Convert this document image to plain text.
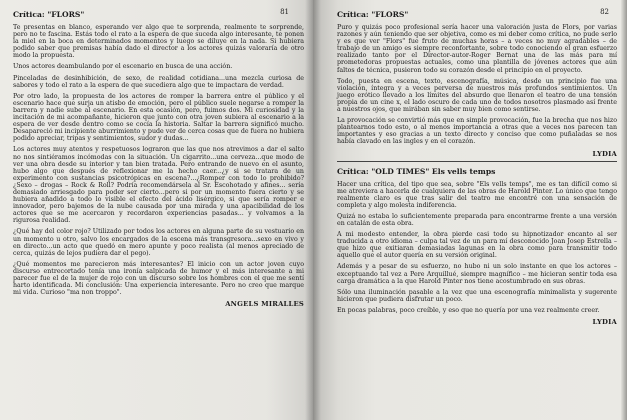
81
Crítica: "FLORS"

Te presentas en blanco, esperando ver algo que te sorprenda, realmente te sorprende, pero no te fascina. Estás todo el rato a la espera de que suceda algo interesante, te ponen la miel en la boca en determinados momentos y luego se diluye en la nada. Si hubiera podido saber que premisas había dado el director a los actores quizás valoraría de otro modo la propuesta.

Unos actores deambulando por el escenario en busca de una acción.

Pinceladas de desinhibición, de sexo, de realidad cotidiana...una mezcla curiosa de sabores y todo el rato a la espera de que sucediera algo que te impactara de verdad.

Por otro lado, la propuesta de los actores de romper la barrera entre el público y el escenario hace que surja un atisbo de emoción, pero el público suele negarse a romper la barrera y nadie sube al escenario. En esta ocasión, pero, fuimos dos. Mi curiosidad y la incitación de mi acompañante, hicieron que junto con otra joven subiera al escenario a la espera de ver desde dentro como se cocía la historia. Saltar la barrera significó mucho. Desapareció mi incipiente aburrimiento y pude ver de cerca cosas que de fuera no hubiera podido apreciar, tripas y sentimientos, sudor y dudas...

Los actores muy atentos y respetuosos lograron que las que nos atrevimos a dar el salto no nos sintiéramos incómodas con la situación. Un cigarrito...una cerveza...que modo de ver una obra desde su interior y tan bien tratada. Pero entrando de nuevo en el asunto, hubo algo que después de reflexionar me la hecho caer...¿y si se tratara de un experimento con sustancias psicotrópicas en escena?...¿Romper con todo lo prohibido? ¿Sexo – drogas – Rock & Roll? Podría recomendársela al Sr. Escohotado y afines... sería demasiado arriesgado para poder ser cierto...pero si por un momento fuera cierto y se hubiera añadido a todo lo visible el efecto del ácido lisérgico, si que sería romper e innovador, pero bajemos de la nube causada por una mirada y una apacibilidad de los actores que se me acercaron y recordaron experiencias pasadas... y volvamos a la rigurosa realidad.

¿Qué hay del color rojo? Utilizado por todos los actores en alguna parte de su vestuario en un momento u otro, salvo los encargados de la escena más transgresora...sexo en vivo y en directo...un acto que quedó en mero apunte y poco realista (al menos apreciado de cerca, quizás de lejos pudiera dar el pego).

¿Qué momentos me parecieron más interesantes? El inicio con un actor joven cuyo discurso entrecortado tenía una ironía salpicada de humor y el más interesante a mi parecer fue el de la mujer de rojo con un discurso sobre los hombres con el que me sentí harto identificada. Mi conclusión: Una experiencia interesante. Pero no creo que marque mi vida. Curioso "ma non troppo".

ANGELS MIRALLES
82
Crítica: "FLORS"

Puro y quizás poco profesional sería hacer una valoración justa de Flors, por varias razones y aún teniendo que ser objetiva, como es mi deber como crítica, no pude serlo y es que ver "Flors" fue fruto de muchas horas – a veces no muy agradables – de trabajo de un amigo es siempre reconfortante, sobre todo conociendo el gran esfuerzo realizado tanto por el Director-autor-Roger Bernat una de las más para mí prometedoras propuestas actuales, como una plantilla de jóvenes actores que aún faltos de técnica, pusieron todo su corazón desde el principio en el proyecto.

Todo, puesta en escena, texto, escenografía, música, desde un principio fue una violación, íntegra y a veces perversa de nuestros más profundos sentimientos. Un juego erótico llevado a los límites del absurdo que llenaron el teatro de una tensión propia de un cine x, el lado oscuro de cada uno de todos nosotros plasmado así frente a nuestros ojos, que mirában sin saber muy bien como sentirse.

La provocación se convirtió más que en simple provocación, fue la brecha que nos hizo plantearnos todo esto, o al menos importancia a otras que a veces nos parecen tan importantes y eso gracias a un texto directo y conciso que como puñaladas se nos había clavado en las ingles y en el corazón.

LYDIA
Crítica: "OLD TIMES" Els vells temps

Hacer una crítica, del tipo que sea, sobre "Els vells temps", me es tan difícil como si me atreviera a hacerla de cualquiera de las obras de Harold Pinter. Lo único que tengo realmente claro es que tras salir del teatro me encontré con una sensación de completa y algo molesta indiferencia.

Quizá no estaba lo suficientemente preparada para encontrarme frente a una versión en catalán de esta obra.

A mi modesto entender, la obra pierde casi todo su hipnotizador encanto al ser traducida a otro idioma – culpa tal vez de un para mí desconocido Joan Josep Estrella – que hizo que exitiaran demasiadas lagunas en la obra como para transmitir todo aquello que el autor quería en su versión original.

Además y a pesar de su esfuerzo, no hubo ni un solo instante en que los actores – exceptuando tal vez a Pere Arquillué, siempre magnífico – me hicieran sentir toda esa carga dramática a la que Harold Pinter nos tiene acostumbrado en sus obras.

Sólo una iluminación pasable a la vez que una escenografía minimalista y sugerente hicieron que pudiera disfrutar un poco.

En pocas palabras, poco creíble, y eso que no quería por una vez realmente creer.

LYDIA
